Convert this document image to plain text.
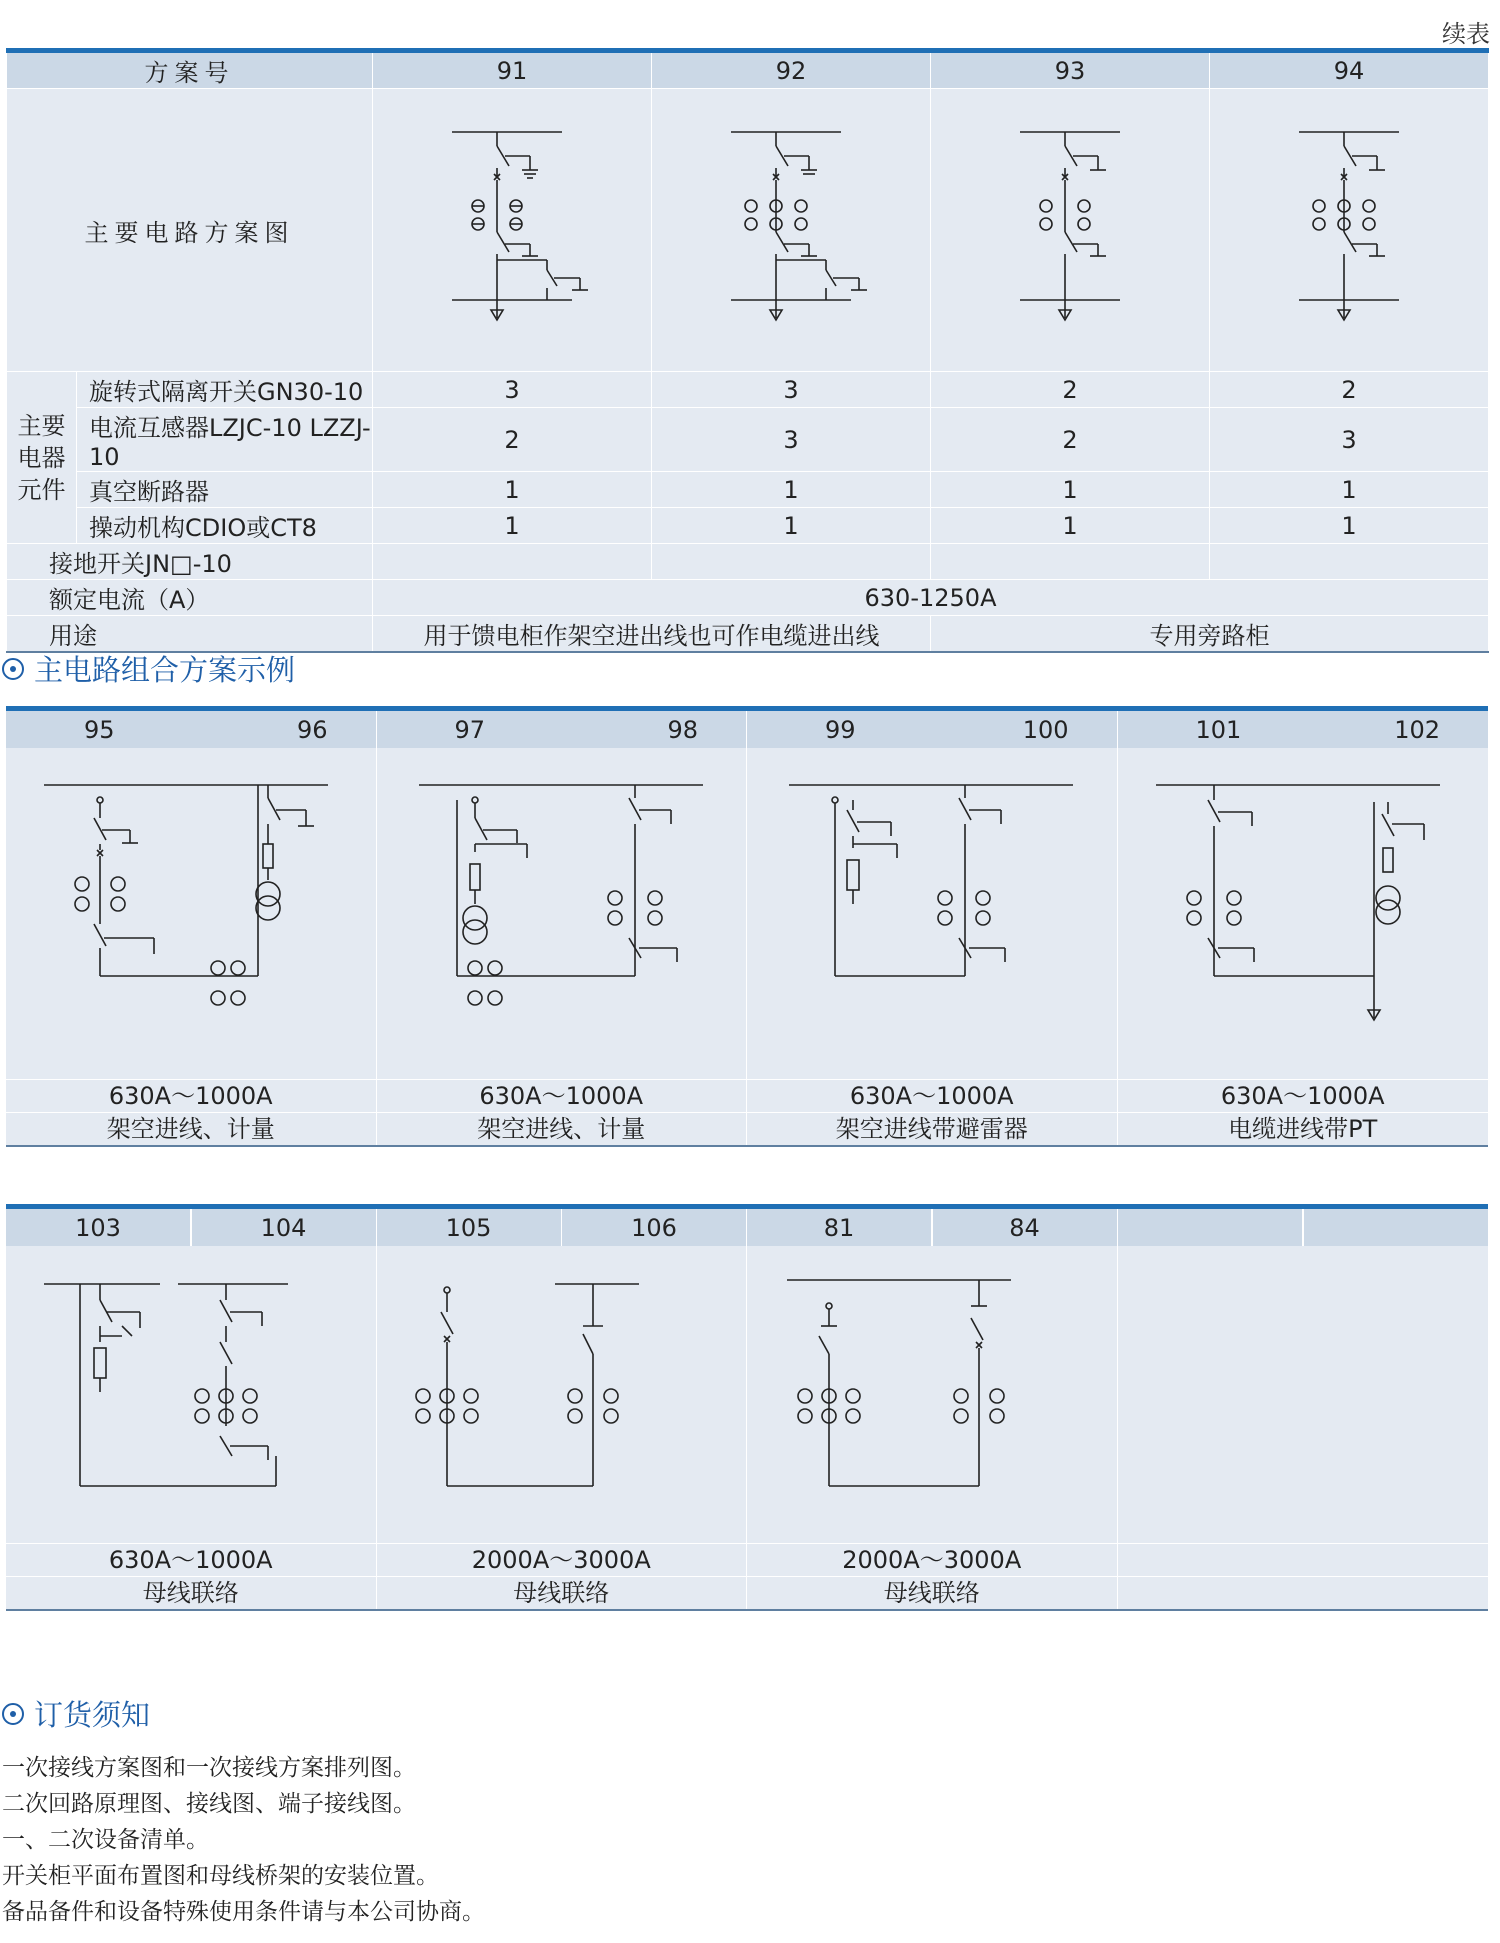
续表
方案号		91	92	93	94
主要电路方案图	

主要
电器
元件	旋转式隔离开关GN30-10	3	3	2	2
	电流互感器LZJC-10 LZZJ-10	2	3	2	3
	真空断路器	1	1	1	1
	操动机构CDIO或CT8	1	1	1	1
接地开关JN□-10					
额定电流（A）		630-1250A			
用途		用于馈电柜作架空进出线也可作电缆进出线		专用旁路柜	
主电路组合方案示例
95	96	97	98	99	100	101	102
630A～1000A	630A～1000A	630A～1000A	630A～1000A
架空进线、计量	架空进线、计量	架空进线带避雷器	电缆进线带PT
103	104	105	106	81	84
630A～1000A	2000A～3000A	2000A～3000A
母线联络	母线联络	母线联络
订货须知
一次接线方案图和一次接线方案排列图。
二次回路原理图、接线图、端子接线图。
一、二次设备清单。
开关柜平面布置图和母线桥架的安装位置。
备品备件和设备特殊使用条件请与本公司协商。
